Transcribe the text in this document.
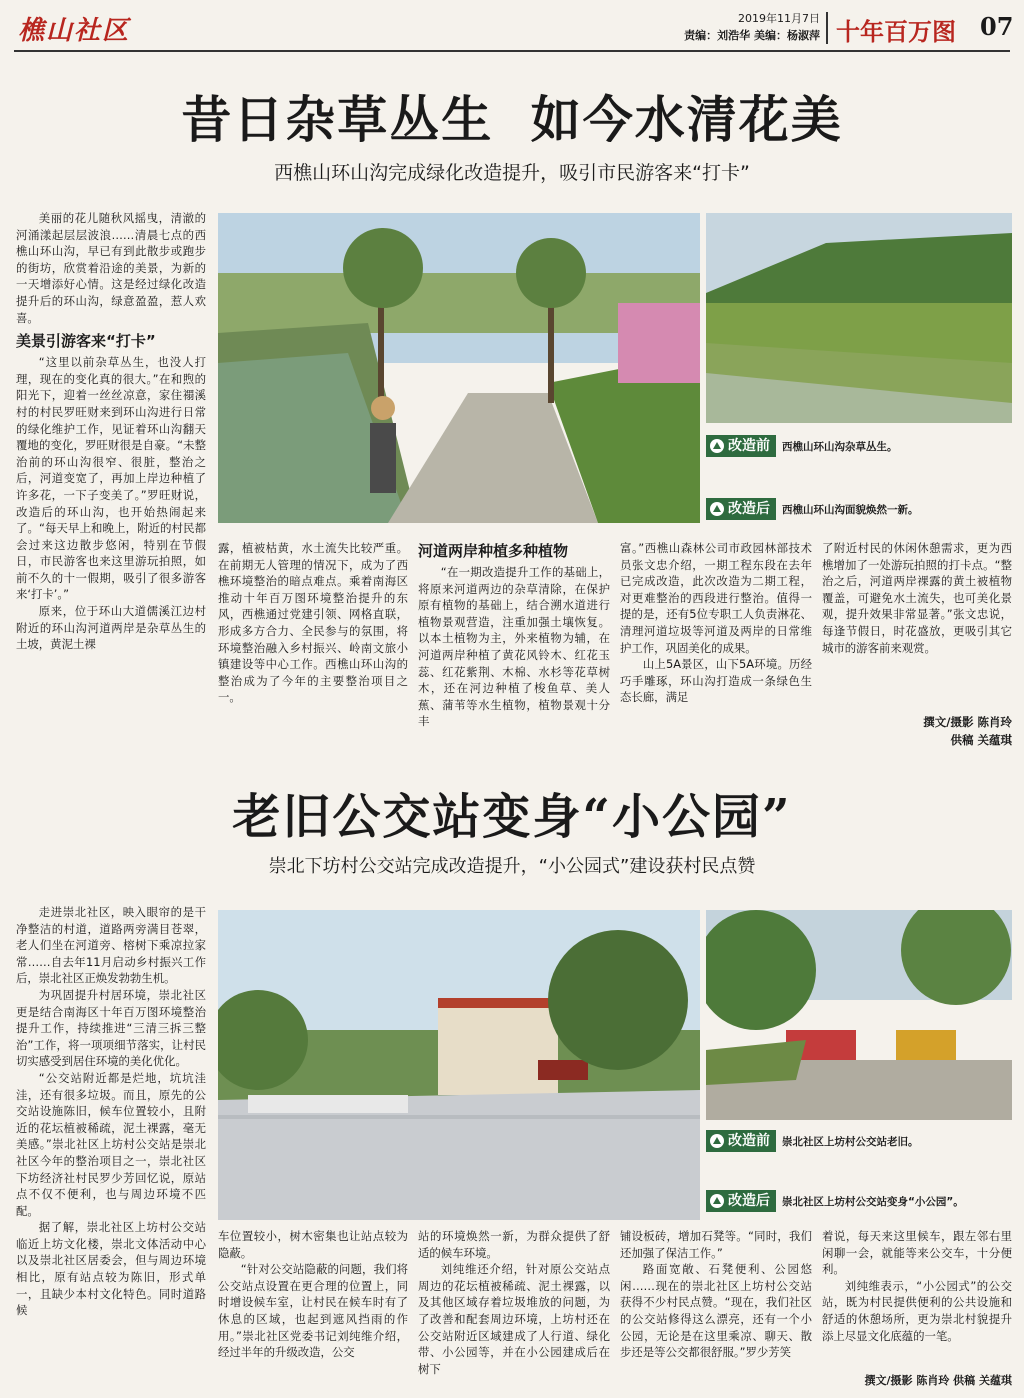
樵山社区	2019年11月7日
责编：刘浩华 美编：杨淑萍 十年百万图 07
昔日杂草丛生 如今水清花美
西樵山环山沟完成绿化改造提升，吸引市民游客来“打卡”

美丽的花儿随秋风摇曳，清澈的河涌漾起层层波浪……清晨七点的西樵山环山沟，早已有到此散步或跑步的街坊，欣赏着沿途的美景，为新的一天增添好心情。这是经过绿化改造提升后的环山沟，绿意盈盈，惹人欢喜。

美景引游客来“打卡”

“这里以前杂草丛生，也没人打理，现在的变化真的很大。”在和煦的阳光下，迎着一丝丝凉意，家住禤溪村的村民罗旺财来到环山沟进行日常的绿化维护工作，见证着环山沟翻天覆地的变化，罗旺财很是自豪。“未整治前的环山沟很窄、很脏，整治之后，河道变宽了，再加上岸边种植了许多花，一下子变美了。”罗旺财说，改造后的环山沟，也开始热闹起来了。“每天早上和晚上，附近的村民都会过来这边散步悠闲，特别在节假日，市民游客也来这里游玩拍照，如前不久的十一假期，吸引了很多游客来‘打卡’。”

原来，位于环山大道儒溪江边村附近的环山沟河道两岸是杂草丛生的土坡，黄泥土裸

改造前 西樵山环山沟杂草丛生。
改造后 西樵山环山沟面貌焕然一新。

露，植被枯黄，水土流失比较严重。在前期无人管理的情况下，成为了西樵环境整治的暗点难点。乘着南海区推动十年百万图环境整治提升的东风，西樵通过党建引领、网格直联，形成多方合力、全民参与的氛围，将环境整治融入乡村振兴、岭南文旅小镇建设等中心工作。西樵山环山沟的整治成为了今年的主要整治项目之一。

河道两岸种植多种植物

“在一期改造提升工作的基础上，将原来河道两边的杂草清除，在保护原有植物的基础上，结合溯水道进行植物景观营造，注重加强土壤恢复。以本土植物为主，外来植物为辅，在河道两岸种植了黄花风铃木、红花玉蕊、红花紫荆、木棉、水杉等花草树木，还在河边种植了梭鱼草、美人蕉、蒲苇等水生植物，植物景观十分丰

富。”西樵山森林公司市政园林部技术员张文忠介绍，一期工程东段在去年已完成改造，此次改造为二期工程，对更难整治的西段进行整治。值得一提的是，还有5位专职工人负责淋花、清理河道垃圾等河道及两岸的日常维护工作，巩固美化的成果。

山上5A景区，山下5A环境。历经巧手雕琢，环山沟打造成一条绿色生态长廊，满足

了附近村民的休闲休憩需求，更为西樵增加了一处游玩拍照的打卡点。“整治之后，河道两岸裸露的黄土被植物覆盖，可避免水土流失，也可美化景观，提升效果非常显著。”张文忠说，每逢节假日，时花盛放，更吸引其它城市的游客前来观赏。

撰文/摄影 陈肖玲
供稿 关蕴琪
老旧公交站变身“小公园”
崇北下坊村公交站完成改造提升，“小公园式”建设获村民点赞

走进崇北社区，映入眼帘的是干净整洁的村道，道路两旁满目苍翠，老人们坐在河道旁、榕树下乘凉拉家常……自去年11月启动乡村振兴工作后，崇北社区正焕发勃勃生机。

为巩固提升村居环境，崇北社区更是结合南海区十年百万图环境整治提升工作，持续推进“三清三拆三整治”工作，将一项项细节落实，让村民切实感受到居住环境的美化优化。

“公交站附近都是烂地，坑坑洼洼，还有很多垃圾。而且，原先的公交站设施陈旧，候车位置较小，且附近的花坛植被稀疏，泥土裸露，毫无美感。”崇北社区上坊村公交站是崇北社区今年的整治项目之一，崇北社区下坊经济社村民罗少芳回忆说，原站点不仅不便利，也与周边环境不匹配。

据了解，崇北社区上坊村公交站临近上坊文化楼，崇北文体活动中心以及崇北社区居委会，但与周边环境相比，原有站点较为陈旧，形式单一，且缺少本村文化特色。同时道路候

改造前 崇北社区上坊村公交站老旧。
改造后 崇北社区上坊村公交站变身“小公园”。

车位置较小，树木密集也让站点较为隐蔽。

“针对公交站隐蔽的问题，我们将公交站点设置在更合理的位置上，同时增设候车室，让村民在候车时有了休息的区域，也起到遮风挡雨的作用。”崇北社区党委书记刘纯维介绍，经过半年的升级改造，公交

站的环境焕然一新，为群众提供了舒适的候车环境。

刘纯维还介绍，针对原公交站点周边的花坛植被稀疏、泥土裸露，以及其他区域存着垃圾堆放的问题，为了改善和配套周边环境，上坊村还在公交站附近区域建成了人行道、绿化带、小公园等，并在小公园建成后在树下

铺设板砖，增加石凳等。“同时，我们还加强了保洁工作。”

路面宽敞、石凳便利、公园悠闲……现在的崇北社区上坊村公交站获得不少村民点赞。“现在，我们社区的公交站修得这么漂亮，还有一个小公园，无论是在这里乘凉、聊天、散步还是等公交都很舒服。”罗少芳笑

着说，每天来这里候车，跟左邻右里闲聊一会，就能等来公交车，十分便利。

刘纯维表示，“小公园式”的公交站，既为村民提供便利的公共设施和舒适的休憩场所，更为崇北村貌提升添上尽显文化底蕴的一笔。

撰文/摄影 陈肖玲 供稿 关蕴琪
